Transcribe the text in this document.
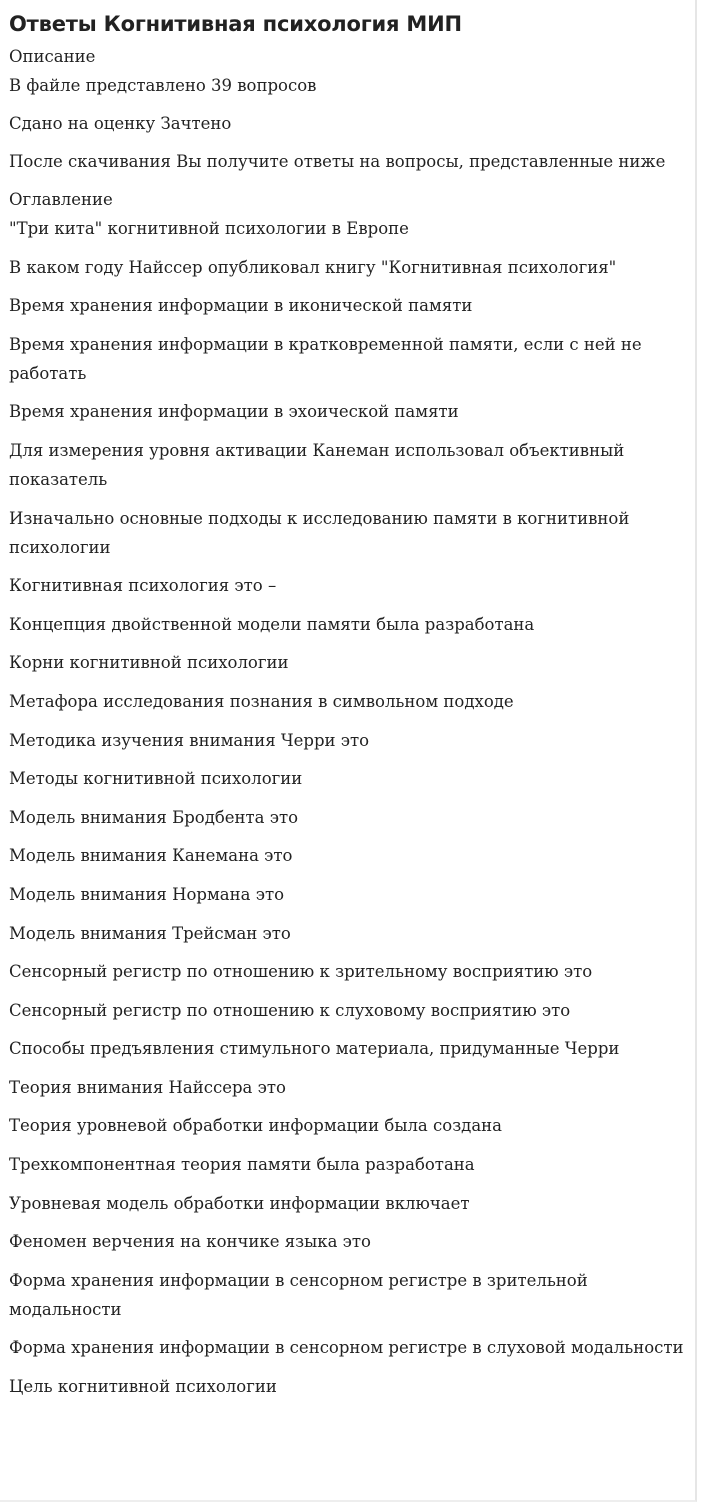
Ответы Когнитивная психология МИП

Описание

В файле представлено 39 вопросов

Сдано на оценку Зачтено

После скачивания Вы получите ответы на вопросы, представленные ниже

Оглавление

"Три кита" когнитивной психологии в Европе
В каком году Найссер опубликовал книгу "Когнитивная психология"
Время хранения информации в иконической памяти
Время хранения информации в кратковременной памяти, если с ней не работать
Время хранения информации в эхоической памяти
Для измерения уровня активации Канеман использовал объективный показатель
Изначально основные подходы к исследованию памяти в когнитивной психологии
Когнитивная психология это –
Концепция двойственной модели памяти была разработана
Корни когнитивной психологии
Метафора исследования познания в символьном подходе
Методика изучения внимания Черри это
Методы когнитивной психологии
Модель внимания Бродбента это
Модель внимания Канемана это
Модель внимания Нормана это
Модель внимания Трейсман это
Сенсорный регистр по отношению к зрительному восприятию это
Сенсорный регистр по отношению к слуховому восприятию это
Способы предъявления стимульного материала, придуманные Черри
Теория внимания Найссера это
Теория уровневой обработки информации была создана
Трехкомпонентная теория памяти была разработана
Уровневая модель обработки информации включает
Феномен верчения на кончике языка это
Форма хранения информации в сенсорном регистре в зрительной модальности
Форма хранения информации в сенсорном регистре в слуховой модальности
Цель когнитивной психологии
